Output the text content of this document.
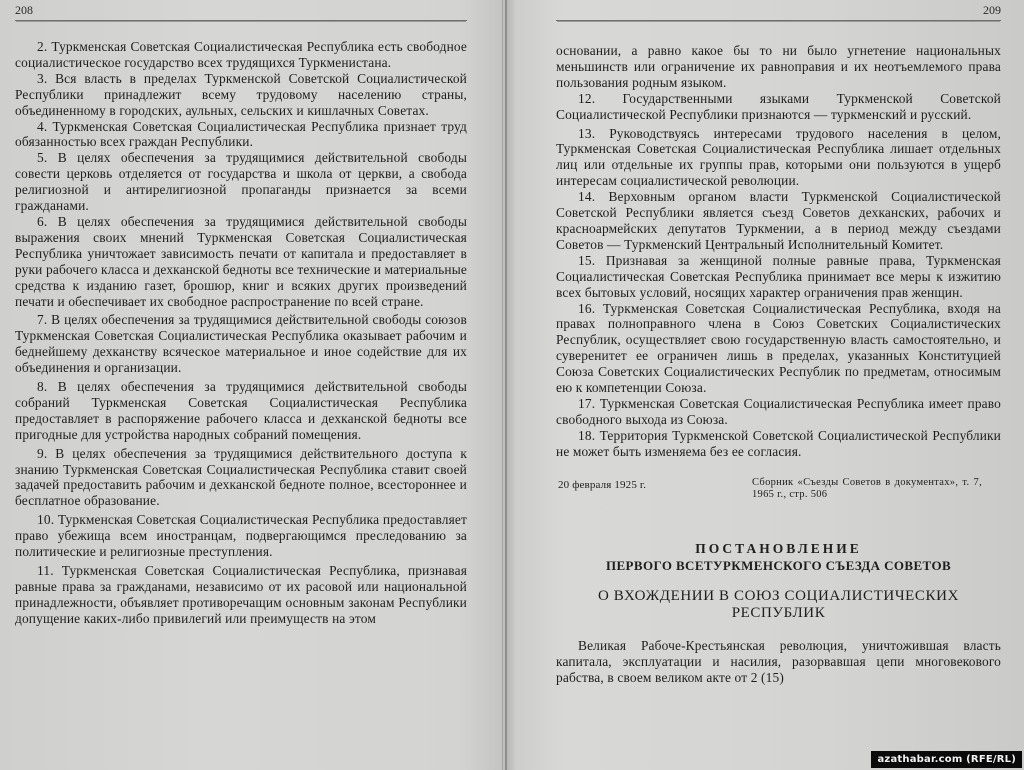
208

2. Туркменская Советская Социалистическая Республика есть свободное социалистическое государство всех трудящихся Туркменистана.

3. Вся власть в пределах Туркменской Советской Социалистической Республики принадлежит всему трудовому населению страны, объединенному в городских, аульных, сельских и кишлачных Советах.

4. Туркменская Советская Социалистическая Республика признает труд обязанностью всех граждан Республики.

5. В целях обеспечения за трудящимися действительной свободы совести церковь отделяется от государства и школа от церкви, а свобода религиозной и антирелигиозной пропаганды признается за всеми гражданами.

6. В целях обеспечения за трудящимися действительной свободы выражения своих мнений Туркменская Советская Социалистическая Республика уничтожает зависимость печати от капитала и предоставляет в руки рабочего класса и дехканской бедноты все технические и материальные средства к изданию газет, брошюр, книг и всяких других произведений печати и обеспечивает их свободное распространение по всей стране.

7. В целях обеспечения за трудящимися действительной свободы союзов Туркменская Советская Социалистическая Республика оказывает рабочим и беднейшему дехканству всяческое материальное и иное содействие для их объединения и организации.

8. В целях обеспечения за трудящимися действительной свободы собраний Туркменская Советская Социалистическая Республика предоставляет в распоряжение рабочего класса и дехканской бедноты все пригодные для устройства народных собраний помещения.

9. В целях обеспечения за трудящимися действительного доступа к знанию Туркменская Советская Социалистическая Республика ставит своей задачей предоставить рабочим и дехканской бедноте полное, всестороннее и бесплатное образование.

10. Туркменская Советская Социалистическая Республика предоставляет право убежища всем иностранцам, подвергающимся преследованию за политические и религиозные преступления.

11. Туркменская Советская Социалистическая Республика, признавая равные права за гражданами, независимо от их расовой или национальной принадлежности, объявляет противоречащим основным законам Республики допущение каких-либо привилегий или преимуществ на этом

209

основании, а равно какое бы то ни было угнетение национальных меньшинств или ограничение их равноправия и их неотъемлемого права пользования родным языком.

12. Государственными языками Туркменской Советской Социалистической Республики признаются — туркменский и русский.

13. Руководствуясь интересами трудового населения в целом, Туркменская Советская Социалистическая Республика лишает отдельных лиц или отдельные их группы прав, которыми они пользуются в ущерб интересам социалистической революции.

14. Верховным органом власти Туркменской Социалистической Советской Республики является съезд Советов дехканских, рабочих и красноармейских депутатов Туркмении, а в период между съездами Советов — Туркменский Центральный Исполнительный Комитет.

15. Признавая за женщиной полные равные права, Туркменская Социалистическая Советская Республика принимает все меры к изжитию всех бытовых условий, носящих характер ограничения прав женщин.

16. Туркменская Советская Социалистическая Республика, входя на правах полноправного члена в Союз Советских Социалистических Республик, осуществляет свою государственную власть самостоятельно, и суверенитет ее ограничен лишь в пределах, указанных Конституцией Союза Советских Социалистических Республик по предметам, относимым ею к компетенции Союза.

17. Туркменская Советская Социалистическая Республика имеет право свободного выхода из Союза.

18. Территория Туркменской Советской Социалистической Республики не может быть изменяема без ее согласия.

20 февраля 1925 г.	Сборник «Съезды Советов в документах», т. 7, 1965 г., стр. 506
ПОСТАНОВЛЕНИЕ
ПЕРВОГО ВСЕТУРКМЕНСКОГО СЪЕЗДА СОВЕТОВ
О ВХОЖДЕНИИ В СОЮЗ СОЦИАЛИСТИЧЕСКИХ РЕСПУБЛИК

Великая Рабоче-Крестьянская революция, уничтожившая власть капитала, эксплуатации и насилия, разорвавшая цепи многовекового рабства, в своем великом акте от 2 (15)

azathabar.com (RFE/RL)
